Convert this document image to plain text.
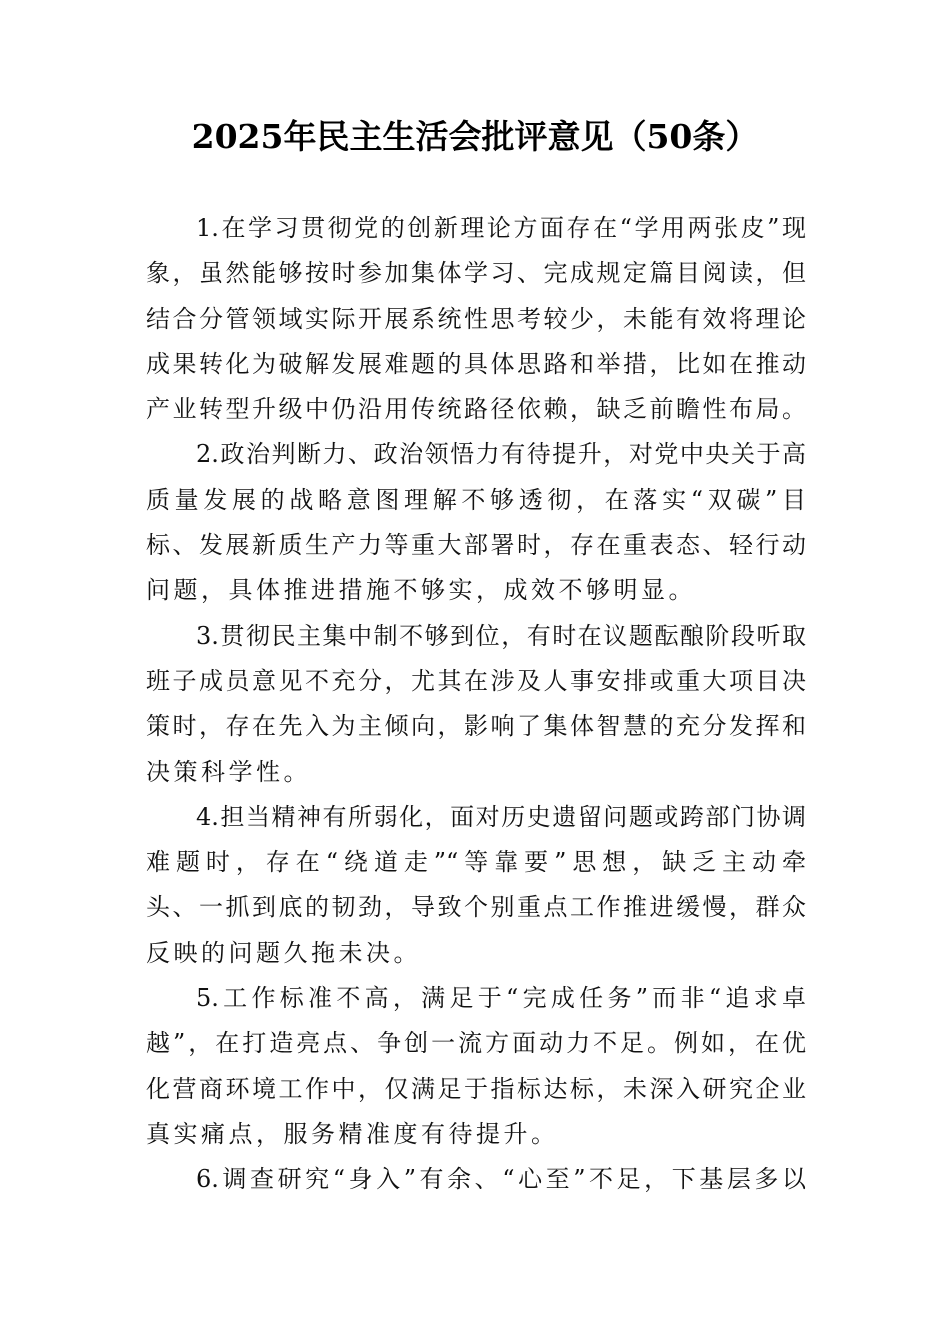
2025年民主生活会批评意见（50条）
1.在学习贯彻党的创新理论方面存在“学用两张皮”现
象，虽然能够按时参加集体学习、完成规定篇目阅读，但
结合分管领域实际开展系统性思考较少，未能有效将理论
成果转化为破解发展难题的具体思路和举措，比如在推动
产业转型升级中仍沿用传统路径依赖，缺乏前瞻性布局。
2.政治判断力、政治领悟力有待提升，对党中央关于高
质量发展的战略意图理解不够透彻，在落实“双碳”目
标、发展新质生产力等重大部署时，存在重表态、轻行动
问题，具体推进措施不够实，成效不够明显。
3.贯彻民主集中制不够到位，有时在议题酝酿阶段听取
班子成员意见不充分，尤其在涉及人事安排或重大项目决
策时，存在先入为主倾向，影响了集体智慧的充分发挥和
决策科学性。
4.担当精神有所弱化，面对历史遗留问题或跨部门协调
难题时，存在“绕道走”“等靠要”思想，缺乏主动牵
头、一抓到底的韧劲，导致个别重点工作推进缓慢，群众
反映的问题久拖未决。
5.工作标准不高，满足于“完成任务”而非“追求卓
越”，在打造亮点、争创一流方面动力不足。例如，在优
化营商环境工作中，仅满足于指标达标，未深入研究企业
真实痛点，服务精准度有待提升。
6.调查研究“身入”有余、“心至”不足，下基层多以
